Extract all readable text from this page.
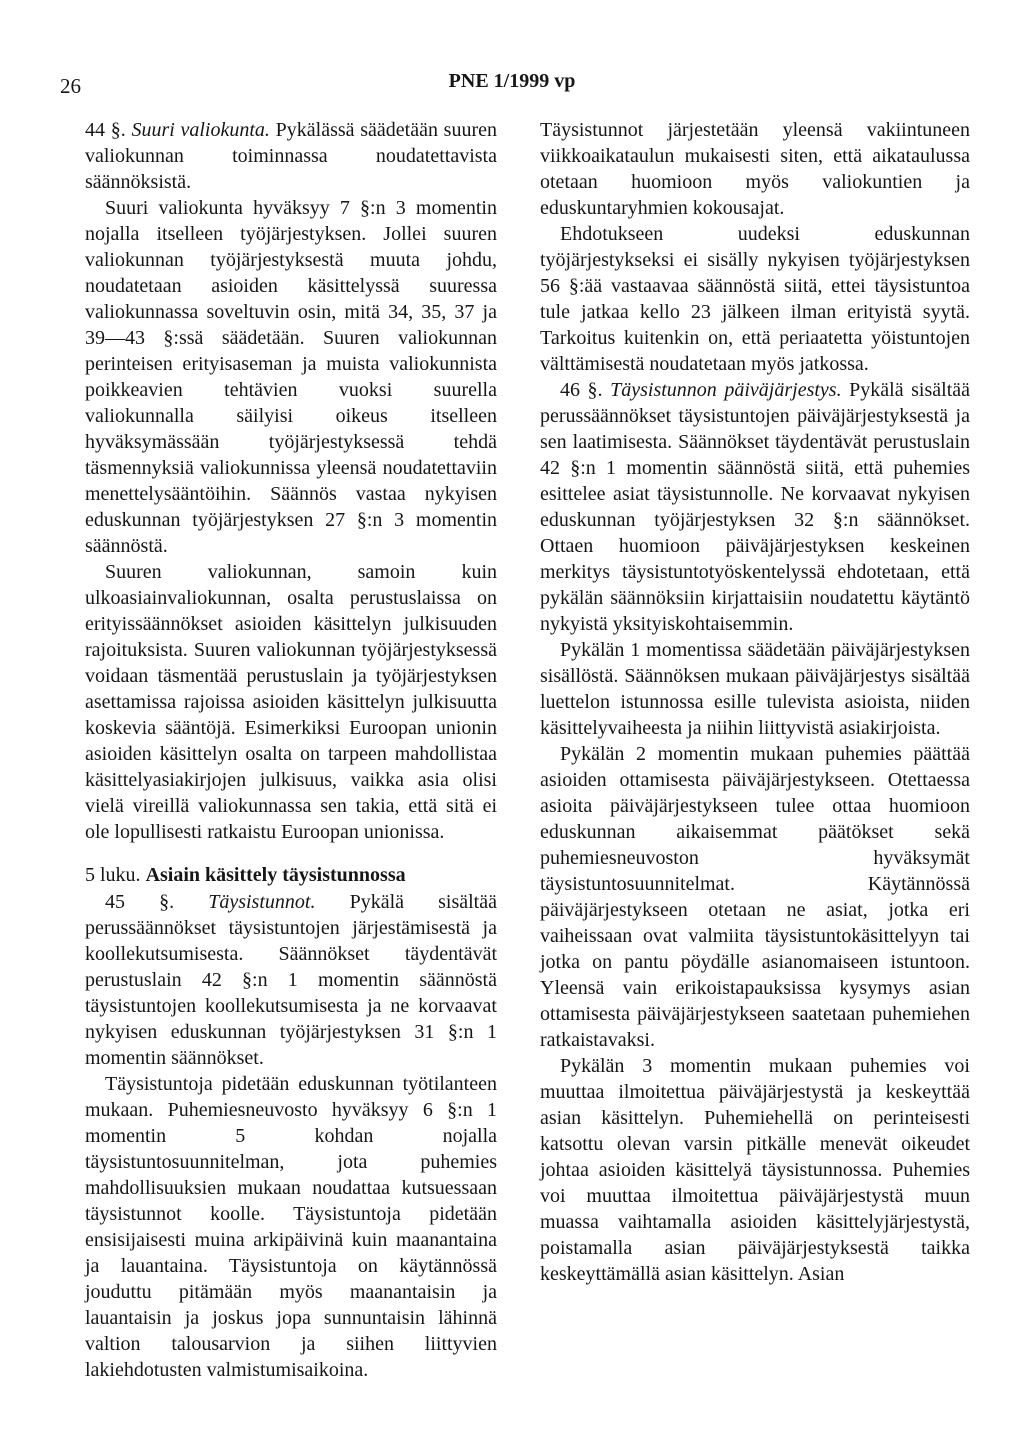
26	PNE 1/1999 vp

44 §. Suuri valiokunta. Pykälässä säädetään suuren valiokunnan toiminnassa noudatettavista säännöksistä.

Suuri valiokunta hyväksyy 7 §:n 3 momentin nojalla itselleen työjärjestyksen. Jollei suuren valiokunnan työjärjestyksestä muuta johdu, noudatetaan asioiden käsittelyssä suuressa valiokunnassa soveltuvin osin, mitä 34, 35, 37 ja 39—43 §:ssä säädetään. Suuren valiokunnan perinteisen erityisaseman ja muista valiokunnista poikkeavien tehtävien vuoksi suurella valiokunnalla säilyisi oikeus itselleen hyväksymässään työjärjestyksessä tehdä täsmennyksiä valiokunnissa yleensä noudatettaviin menettelysääntöihin. Säännös vastaa nykyisen eduskunnan työjärjestyksen 27 §:n 3 momentin säännöstä.

Suuren valiokunnan, samoin kuin ulkoasiainvaliokunnan, osalta perustuslaissa on erityissäännökset asioiden käsittelyn julkisuuden rajoituksista. Suuren valiokunnan työjärjestyksessä voidaan täsmentää perustuslain ja työjärjestyksen asettamissa rajoissa asioiden käsittelyn julkisuutta koskevia sääntöjä. Esimerkiksi Euroopan unionin asioiden käsittelyn osalta on tarpeen mahdollistaa käsittelyasiakirjojen julkisuus, vaikka asia olisi vielä vireillä valiokunnassa sen takia, että sitä ei ole lopullisesti ratkaistu Euroopan unionissa.

5 luku. Asiain käsittely täysistunnossa

45 §. Täysistunnot. Pykälä sisältää perussäännökset täysistuntojen järjestämisestä ja koollekutsumisesta. Säännökset täydentävät perustuslain 42 §:n 1 momentin säännöstä täysistuntojen koollekutsumisesta ja ne korvaavat nykyisen eduskunnan työjärjestyksen 31 §:n 1 momentin säännökset.

Täysistuntoja pidetään eduskunnan työtilanteen mukaan. Puhemiesneuvosto hyväksyy 6 §:n 1 momentin 5 kohdan nojalla täysistuntosuunnitelman, jota puhemies mahdollisuuksien mukaan noudattaa kutsuessaan täysistunnot koolle. Täysistuntoja pidetään ensisijaisesti muina arkipäivinä kuin maanantaina ja lauantaina. Täysistuntoja on käytännössä jouduttu pitämään myös maanantaisin ja lauantaisin ja joskus jopa sunnuntaisin lähinnä valtion talousarvion ja siihen liittyvien lakiehdotusten valmistumisaikoina.

Täysistunnot järjestetään yleensä vakiintuneen viikkoaikataulun mukaisesti siten, että aikataulussa otetaan huomioon myös valiokuntien ja eduskuntaryhmien kokousajat.

Ehdotukseen uudeksi eduskunnan työjärjestykseksi ei sisälly nykyisen työjärjestyksen 56 §:ää vastaavaa säännöstä siitä, ettei täysistuntoa tule jatkaa kello 23 jälkeen ilman erityistä syytä. Tarkoitus kuitenkin on, että periaatetta yöistuntojen välttämisestä noudatetaan myös jatkossa.

46 §. Täysistunnon päiväjärjestys. Pykälä sisältää perussäännökset täysistuntojen päiväjärjestyksestä ja sen laatimisesta. Säännökset täydentävät perustuslain 42 §:n 1 momentin säännöstä siitä, että puhemies esittelee asiat täysistunnolle. Ne korvaavat nykyisen eduskunnan työjärjestyksen 32 §:n säännökset. Ottaen huomioon päiväjärjestyksen keskeinen merkitys täysistuntotyöskentelyssä ehdotetaan, että pykälän säännöksiin kirjattaisiin noudatettu käytäntö nykyistä yksityiskohtaisemmin.

Pykälän 1 momentissa säädetään päiväjärjestyksen sisällöstä. Säännöksen mukaan päiväjärjestys sisältää luettelon istunnossa esille tulevista asioista, niiden käsittelyvaiheesta ja niihin liittyvistä asiakirjoista.

Pykälän 2 momentin mukaan puhemies päättää asioiden ottamisesta päiväjärjestykseen. Otettaessa asioita päiväjärjestykseen tulee ottaa huomioon eduskunnan aikaisemmat päätökset sekä puhemiesneuvoston hyväksymät täysistuntosuunnitelmat. Käytännössä päiväjärjestykseen otetaan ne asiat, jotka eri vaiheissaan ovat valmiita täysistuntokäsittelyyn tai jotka on pantu pöydälle asianomaiseen istuntoon. Yleensä vain erikoistapauksissa kysymys asian ottamisesta päiväjärjestykseen saatetaan puhemiehen ratkaistavaksi.

Pykälän 3 momentin mukaan puhemies voi muuttaa ilmoitettua päiväjärjestystä ja keskeyttää asian käsittelyn. Puhemiehellä on perinteisesti katsottu olevan varsin pitkälle menevät oikeudet johtaa asioiden käsittelyä täysistunnossa. Puhemies voi muuttaa ilmoitettua päiväjärjestystä muun muassa vaihtamalla asioiden käsittelyjärjestystä, poistamalla asian päiväjärjestyksestä taikka keskeyttämällä asian käsittelyn. Asian
